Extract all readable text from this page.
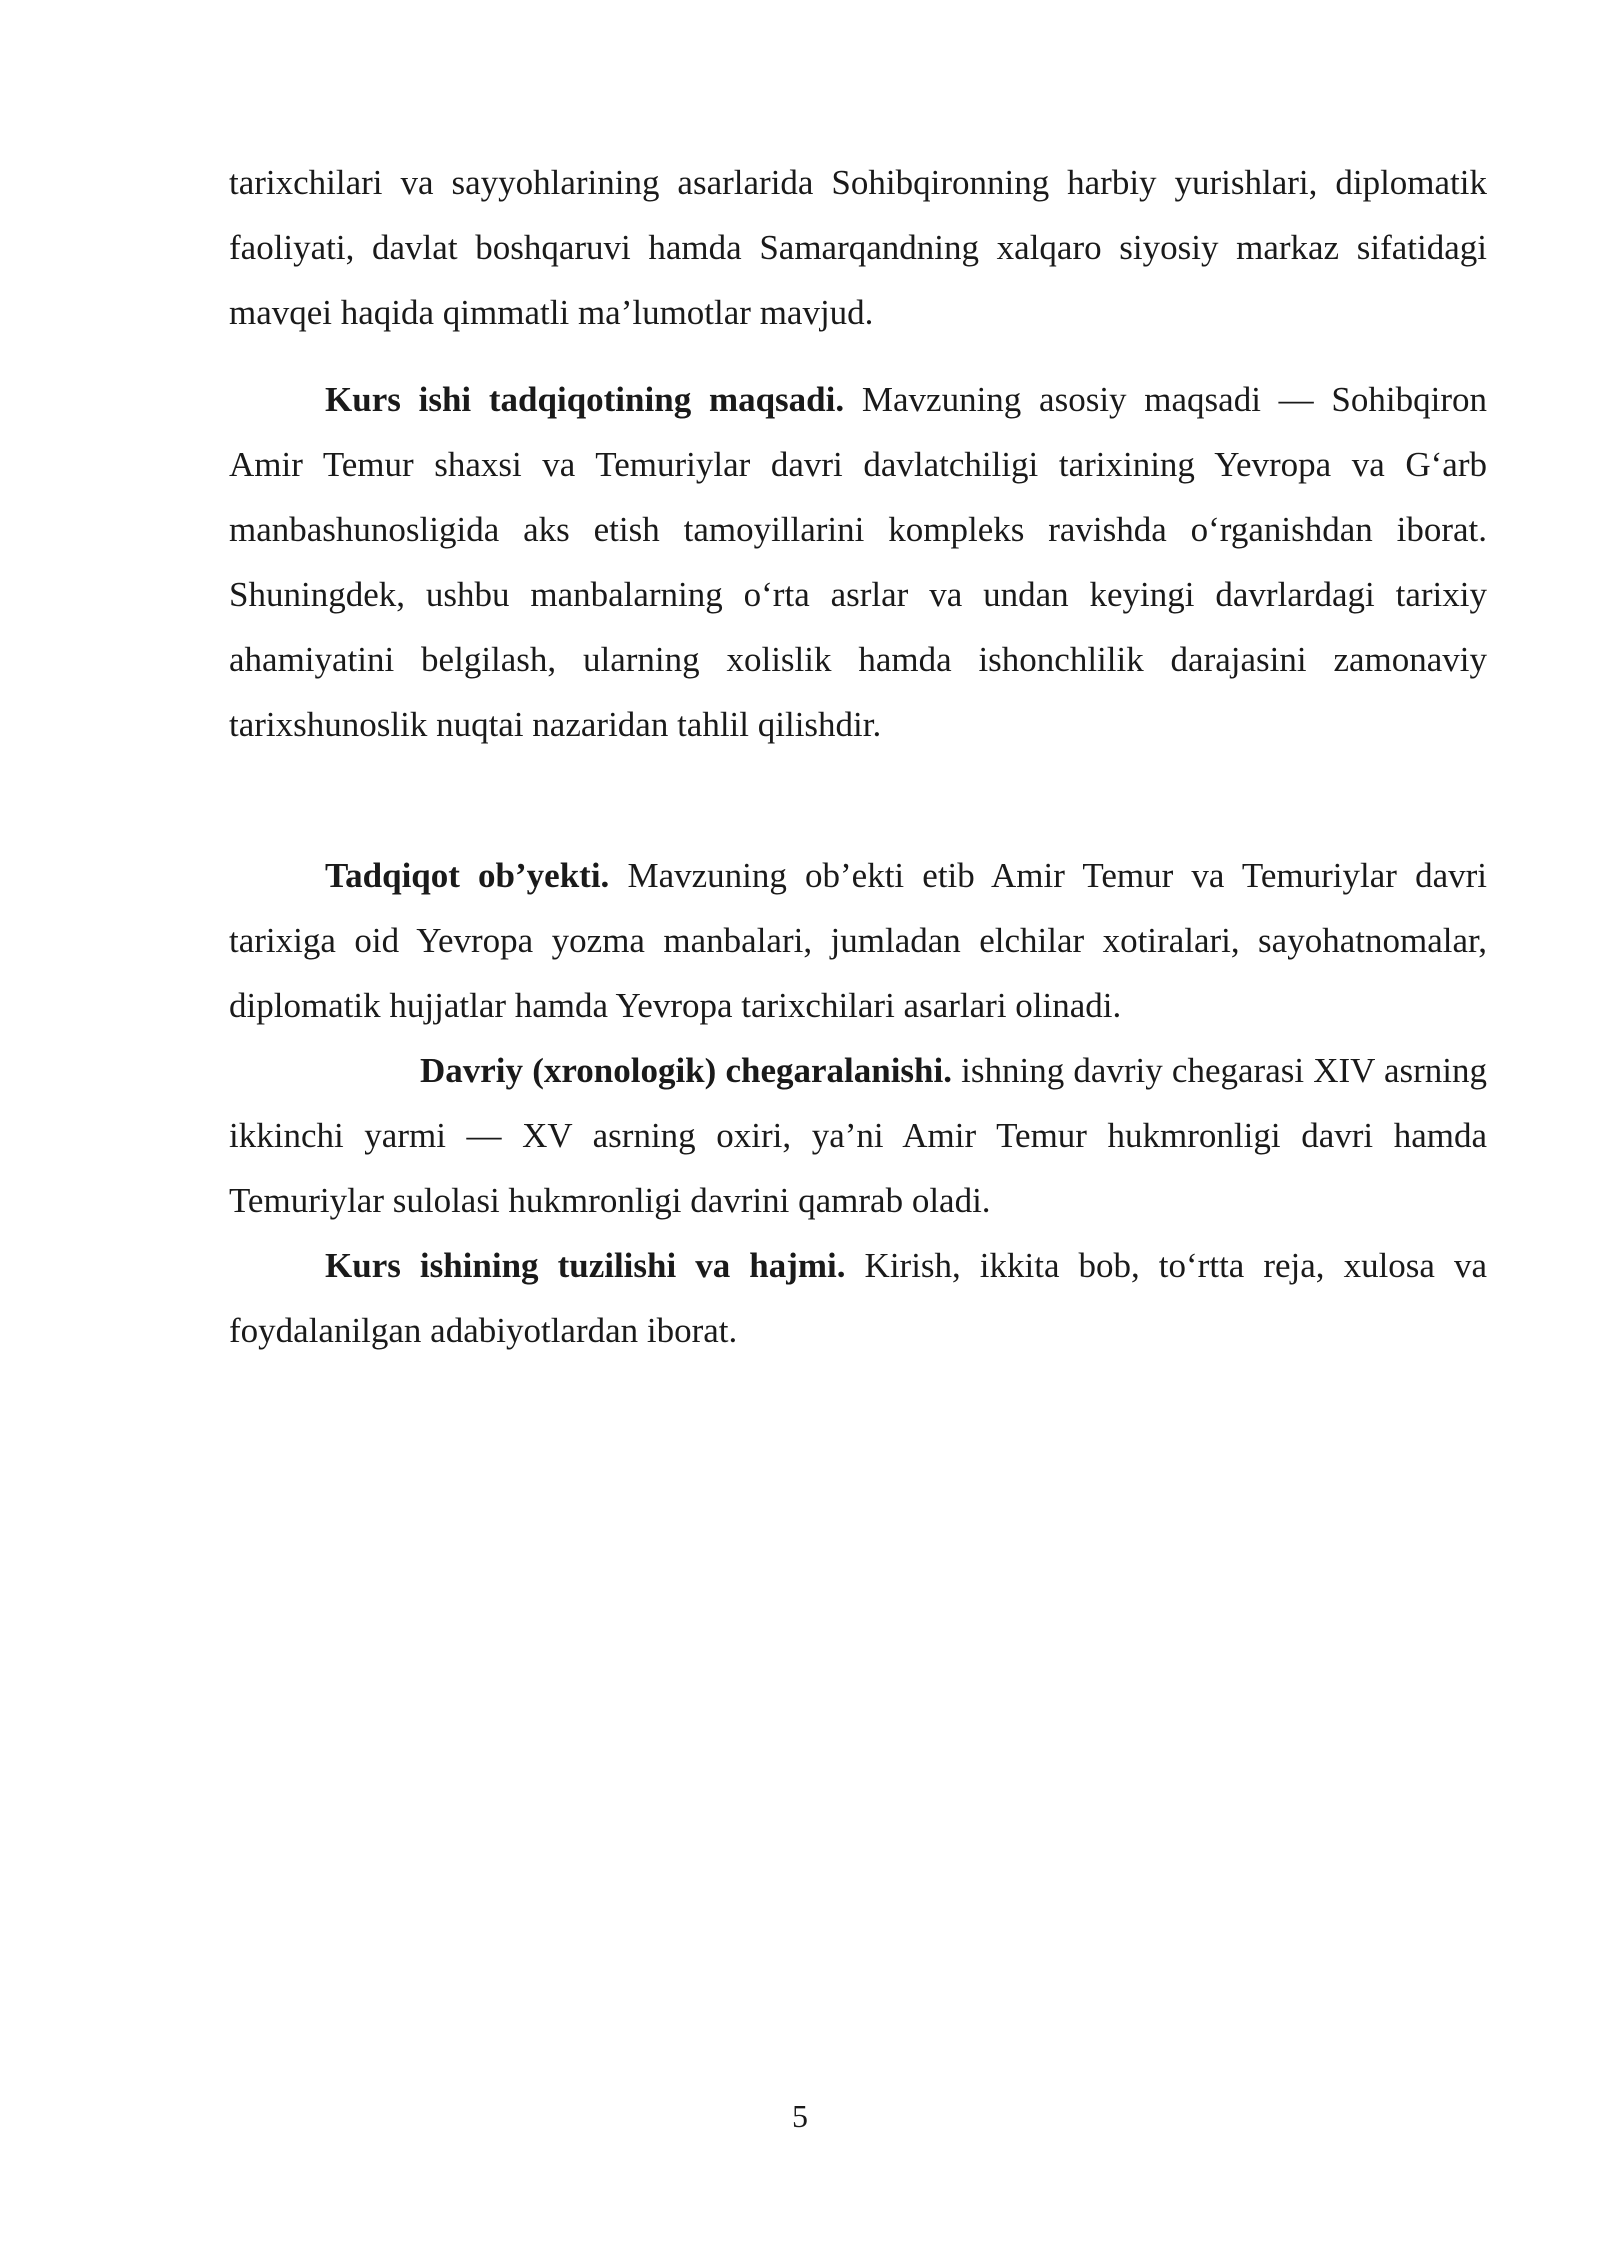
tarixchilari va sayyohlarining asarlarida Sohibqironning harbiy yurishlari, diplomatik faoliyati, davlat boshqaruvi hamda Samarqandning xalqaro siyosiy markaz sifatidagi mavqei haqida qimmatli ma’lumotlar mavjud.

Kurs ishi tadqiqotining maqsadi. Mavzuning asosiy maqsadi — Sohibqiron Amir Temur shaxsi va Temuriylar davri davlatchiligi tarixining Yevropa va G‘arb manbashunosligida aks etish tamoyillarini kompleks ravishda o‘rganishdan iborat. Shuningdek, ushbu manbalarning o‘rta asrlar va undan keyingi davrlardagi tarixiy ahamiyatini belgilash, ularning xolislik hamda ishonchlilik darajasini zamonaviy tarixshunoslik nuqtai nazaridan tahlil qilishdir.

Tadqiqot ob’yekti. Mavzuning ob’ekti etib Amir Temur va Temuriylar davri tarixiga oid Yevropa yozma manbalari, jumladan elchilar xotiralari, sayohatnomalar, diplomatik hujjatlar hamda Yevropa tarixchilari asarlari olinadi.

Davriy (xronologik) chegaralanishi. ishning davriy chegarasi XIV asrning ikkinchi yarmi — XV asrning oxiri, ya’ni Amir Temur hukmronligi davri hamda Temuriylar sulolasi hukmronligi davrini qamrab oladi.

Kurs ishining tuzilishi va hajmi. Kirish, ikkita bob, to‘rtta reja, xulosa va foydalanilgan adabiyotlardan iborat.

5
